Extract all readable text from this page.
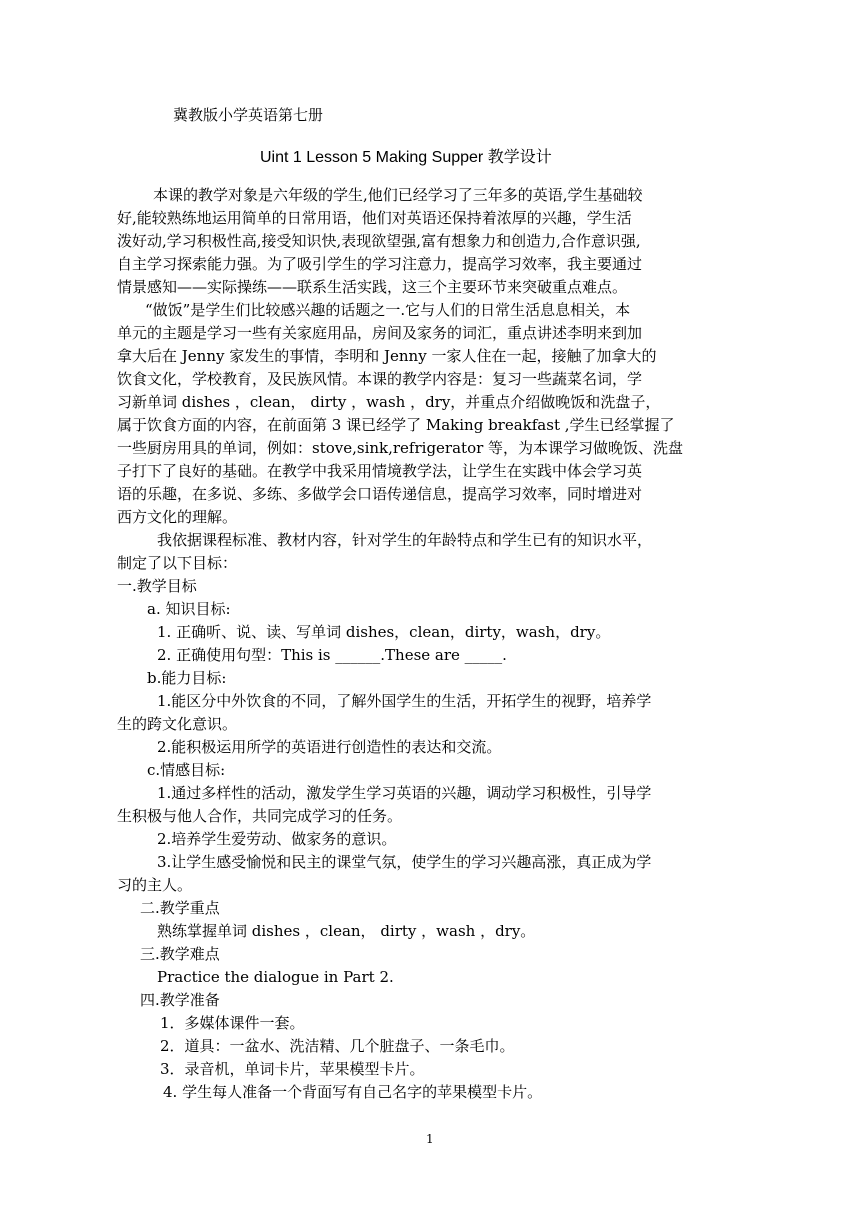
冀教版小学英语第七册
Uint 1 Lesson 5 Making Supper 教学设计
本课的教学对象是六年级的学生,他们已经学习了三年多的英语,学生基础较
好,能较熟练地运用简单的日常用语，他们对英语还保持着浓厚的兴趣，学生活
泼好动,学习积极性高,接受知识快,表现欲望强,富有想象力和创造力,合作意识强,
自主学习探索能力强。为了吸引学生的学习注意力，提高学习效率，我主要通过
情景感知——实际操练——联系生活实践，这三个主要环节来突破重点难点。
“做饭”是学生们比较感兴趣的话题之一.它与人们的日常生活息息相关，本
单元的主题是学习一些有关家庭用品，房间及家务的词汇，重点讲述李明来到加
拿大后在 Jenny 家发生的事情，李明和 Jenny 一家人住在一起，接触了加拿大的
饮食文化，学校教育，及民族风情。本课的教学内容是：复习一些蔬菜名词，学
习新单词 dishes ，clean， dirty ，wash ，dry，并重点介绍做晚饭和洗盘子，
属于饮食方面的内容，在前面第 3 课已经学了 Making breakfast ,学生已经掌握了
一些厨房用具的单词，例如：stove,sink,refrigerator 等，为本课学习做晚饭、洗盘
子打下了良好的基础。在教学中我采用情境教学法，让学生在实践中体会学习英
语的乐趣，在多说、多练、多做学会口语传递信息，提高学习效率，同时增进对
西方文化的理解。
我依据课程标准、教材内容，针对学生的年龄特点和学生已有的知识水平，
制定了以下目标：
一.教学目标
a. 知识目标:
1. 正确听、说、读、写单词 dishes，clean，dirty，wash，dry。
2. 正确使用句型：This is ______.These are _____.
b.能力目标:
1.能区分中外饮食的不同，了解外国学生的生活，开拓学生的视野，培养学
生的跨文化意识。
2.能积极运用所学的英语进行创造性的表达和交流。
c.情感目标:
1.通过多样性的活动，激发学生学习英语的兴趣，调动学习积极性，引导学
生积极与他人合作，共同完成学习的任务。
2.培养学生爱劳动、做家务的意识。
3.让学生感受愉悦和民主的课堂气氛，使学生的学习兴趣高涨，真正成为学
习的主人。
二.教学重点
熟练掌握单词 dishes ，clean， dirty ，wash ，dry。
三.教学难点
Practice the dialogue in Part 2.
四.教学准备
1．多媒体课件一套。
2．道具：一盆水、洗洁精、几个脏盘子、一条毛巾。
3．录音机，单词卡片，苹果模型卡片。
4. 学生每人准备一个背面写有自己名字的苹果模型卡片。
1
